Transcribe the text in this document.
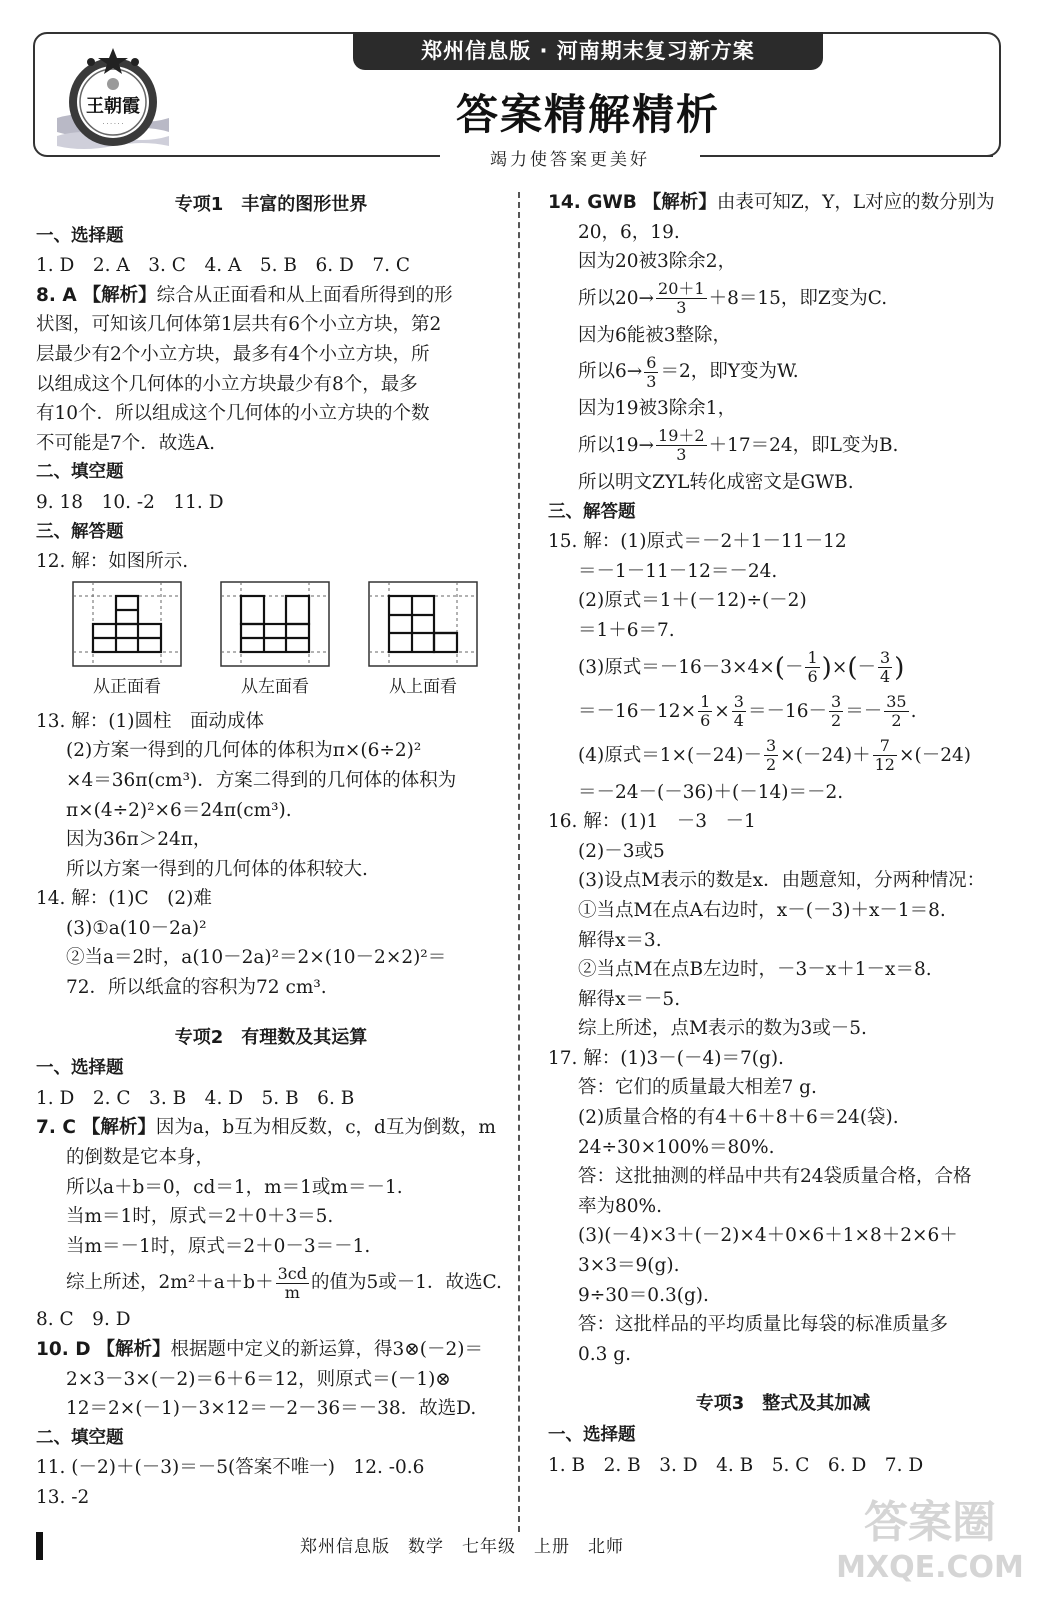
王朝霞
· · · · · ·
郑州信息版 · 河南期末复习新方案
答案精解精析
竭力使答案更美好
专项1　丰富的图形世界
一、选择题
1. D　2. A　3. C　4. A　5. B　6. D　7. C
8. A 【解析】综合从正面看和从上面看所得到的形
状图，可知该几何体第1层共有6个小立方块，第2
层最少有2个小立方块，最多有4个小立方块，所
以组成这个几何体的小立方块最少有8个，最多
有10个．所以组成这个几何体的小立方块的个数
不可能是7个．故选A.
二、填空题
9. 18　10. -2　11. D
三、解答题
12. 解：如图所示.
从正面看	从左面看	从上面看
13. 解：(1)圆柱　面动成体
(2)方案一得到的几何体的体积为π×(6÷2)²
×4＝36π(cm³)．方案二得到的几何体的体积为
π×(4÷2)²×6＝24π(cm³).
因为36π＞24π，
所以方案一得到的几何体的体积较大.
14. 解：(1)C　(2)难
(3)①a(10－2a)²
②当a＝2时，a(10－2a)²＝2×(10－2×2)²＝
72．所以纸盒的容积为72 cm³.
专项2　有理数及其运算
一、选择题
1. D　2. C　3. B　4. D　5. B　6. B
7. C 【解析】因为a，b互为相反数，c，d互为倒数，m
的倒数是它本身，
所以a＋b＝0，cd＝1，m＝1或m＝－1.
当m＝1时，原式＝2＋0＋3＝5.
当m＝－1时，原式＝2＋0－3＝－1.
综上所述，$2m^2+a+b+ \frac{3cd}{m}$ 的值为5或－1．故选C.
8. C　9. D
10. D 【解析】根据题中定义的新运算，得3⊗(－2)＝
2×3－3×(－2)＝6＋6＝12，则原式＝(－1)⊗
12＝2×(－1)－3×12＝－2－36＝－38．故选D.
二、填空题
11. (－2)＋(－3)＝－5(答案不唯一)　12. -0.6
13. -2
14. GWB 【解析】由表可知Z，Y，L对应的数分别为
20，6，19.
因为20被3除余2，
所以$20\to \frac{20+1}{3} +8=15$，即Z变为C.
因为6能被3整除，
所以$6\to \frac{6}{3} =2$，即Y变为W.
因为19被3除余1，
所以$19\to \frac{19+2}{3} +17=24$，即L变为B.
所以明文ZYL转化成密文是GWB.
三、解答题
15. 解：(1)原式＝－2＋1－11－12
＝－1－11－12＝－24.
(2)原式＝1＋(－12)÷(－2)
＝1＋6＝7.
(3)原式$=-16-3\times 4\times(- \frac{1}{6}$ )×(－ $\frac{3}{4}$ )
$=-16-12\times \frac{1}{6} \times \frac{3}{4} =-16- \frac{3}{2} =- \frac{35}{2}$ .
(4)原式$=1\times(-24)- \frac{3}{2} \times(-24)+ \frac{7}{12} \times(-24)$
＝－24－(－36)＋(－14)＝－2.
16. 解：(1)1　－3　－1
(2)－3或5
(3)设点M表示的数是x．由题意知，分两种情况：
①当点M在点A右边时，x－(－3)＋x－1＝8.
解得x＝3.
②当点M在点B左边时，－3－x＋1－x＝8.
解得x＝－5.
综上所述，点M表示的数为3或－5.
17. 解：(1)3－(－4)＝7(g).
答：它们的质量最大相差7 g.
(2)质量合格的有4＋6＋8＋6＝24(袋).
24÷30×100%＝80%.
答：这批抽测的样品中共有24袋质量合格，合格
率为80%.
(3)(－4)×3＋(－2)×4＋0×6＋1×8＋2×6＋
3×3＝9(g).
9÷30＝0.3(g).
答：这批样品的平均质量比每袋的标准质量多
0.3 g.
专项3　整式及其加减
一、选择题
1. B　2. B　3. D　4. B　5. C　6. D　7. D
郑州信息版　数学　七年级　上册　北师	答案圈
MXQE.COM
